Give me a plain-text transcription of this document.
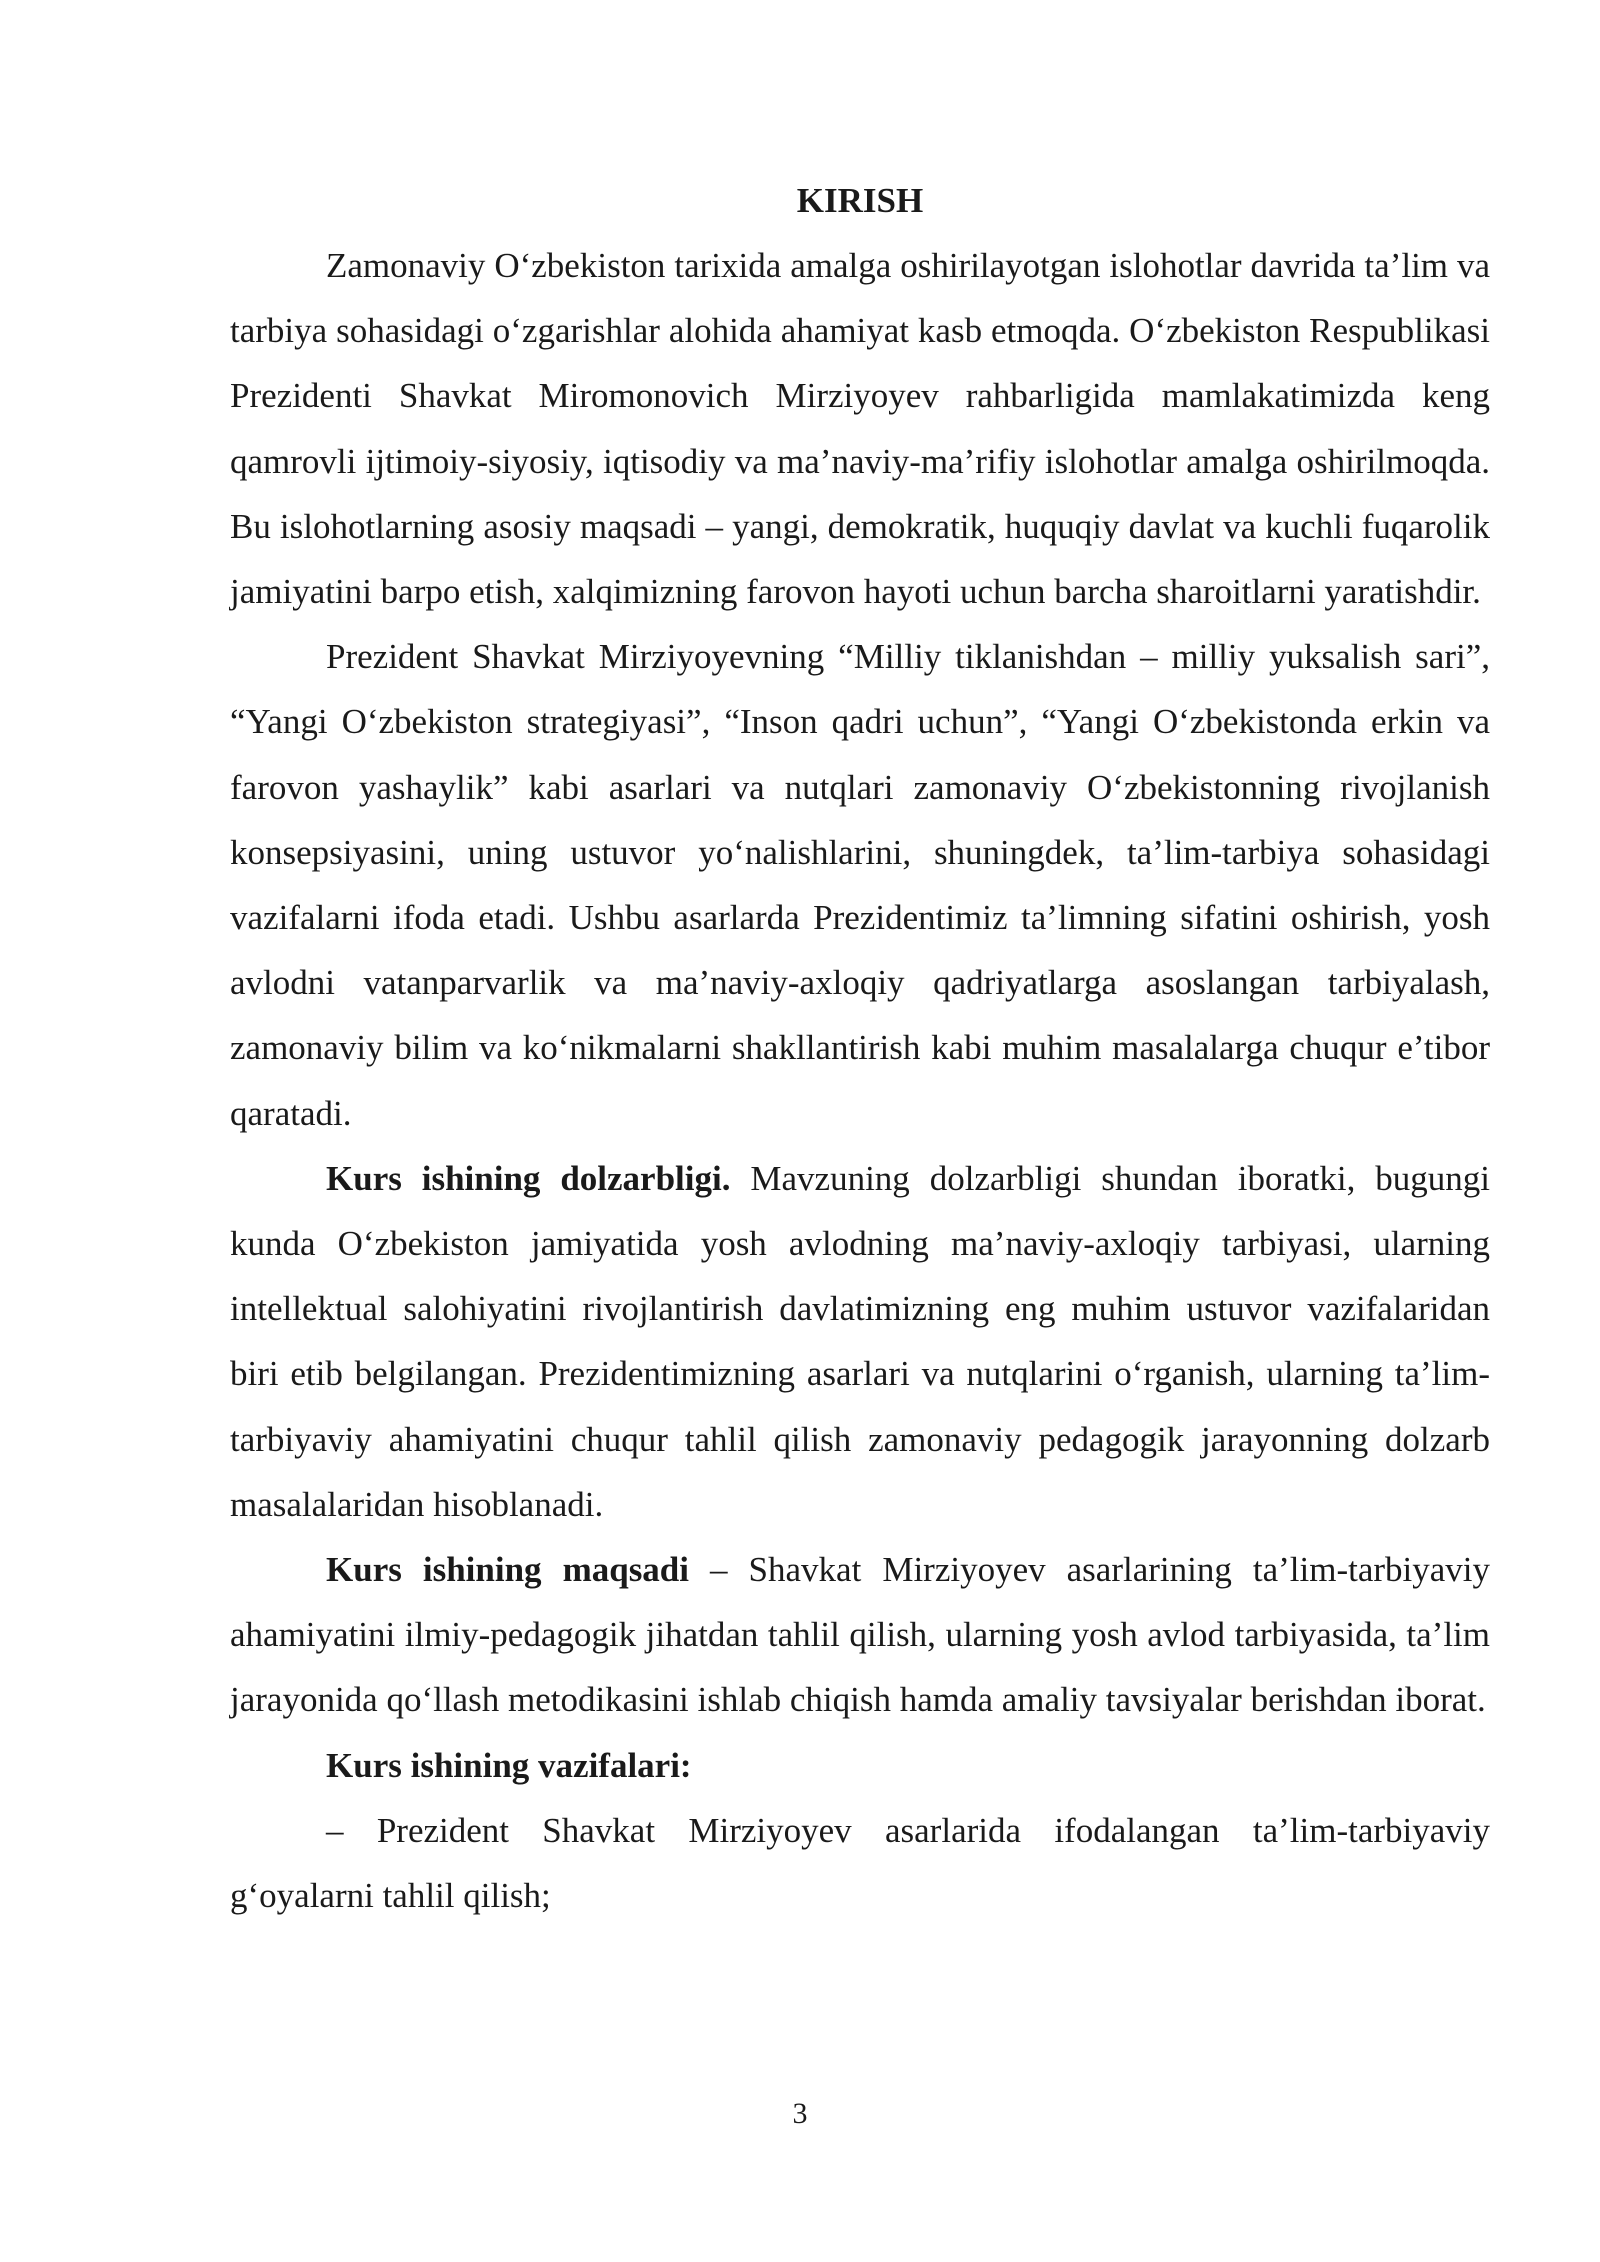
KIRISH

Zamonaviy O‘zbekiston tarixida amalga oshirilayotgan islohotlar davrida ta’lim va tarbiya sohasidagi o‘zgarishlar alohida ahamiyat kasb etmoqda. O‘zbekiston Respublikasi Prezidenti Shavkat Miromonovich Mirziyoyev rahbarligida mamlakatimizda keng qamrovli ijtimoiy-siyosiy, iqtisodiy va ma’naviy-ma’rifiy islohotlar amalga oshirilmoqda. Bu islohotlarning asosiy maqsadi – yangi, demokratik, huquqiy davlat va kuchli fuqarolik jamiyatini barpo etish, xalqimizning farovon hayoti uchun barcha sharoitlarni yaratishdir.

Prezident Shavkat Mirziyoyevning “Milliy tiklanishdan – milliy yuksalish sari”, “Yangi O‘zbekiston strategiyasi”, “Inson qadri uchun”, “Yangi O‘zbekistonda erkin va farovon yashaylik” kabi asarlari va nutqlari zamonaviy O‘zbekistonning rivojlanish konsepsiyasini, uning ustuvor yo‘nalishlarini, shuningdek, ta’lim-tarbiya sohasidagi vazifalarni ifoda etadi. Ushbu asarlarda Prezidentimiz ta’limning sifatini oshirish, yosh avlodni vatanparvarlik va ma’naviy-axloqiy qadriyatlarga asoslangan tarbiyalash, zamonaviy bilim va ko‘nikmalarni shakllantirish kabi muhim masalalarga chuqur e’tibor qaratadi.

Kurs ishining dolzarbligi. Mavzuning dolzarbligi shundan iboratki, bugungi kunda O‘zbekiston jamiyatida yosh avlodning ma’naviy-axloqiy tarbiyasi, ularning intellektual salohiyatini rivojlantirish davlatimizning eng muhim ustuvor vazifalaridan biri etib belgilangan. Prezidentimizning asarlari va nutqlarini o‘rganish, ularning ta’lim-tarbiyaviy ahamiyatini chuqur tahlil qilish zamonaviy pedagogik jarayonning dolzarb masalalaridan hisoblanadi.

Kurs ishining maqsadi – Shavkat Mirziyoyev asarlarining ta’lim-tarbiyaviy ahamiyatini ilmiy-pedagogik jihatdan tahlil qilish, ularning yosh avlod tarbiyasida, ta’lim jarayonida qo‘llash metodikasini ishlab chiqish hamda amaliy tavsiyalar berishdan iborat.

Kurs ishining vazifalari:

– Prezident Shavkat Mirziyoyev asarlarida ifodalangan ta’lim-tarbiyaviy g‘oyalarni tahlil qilish;

3
